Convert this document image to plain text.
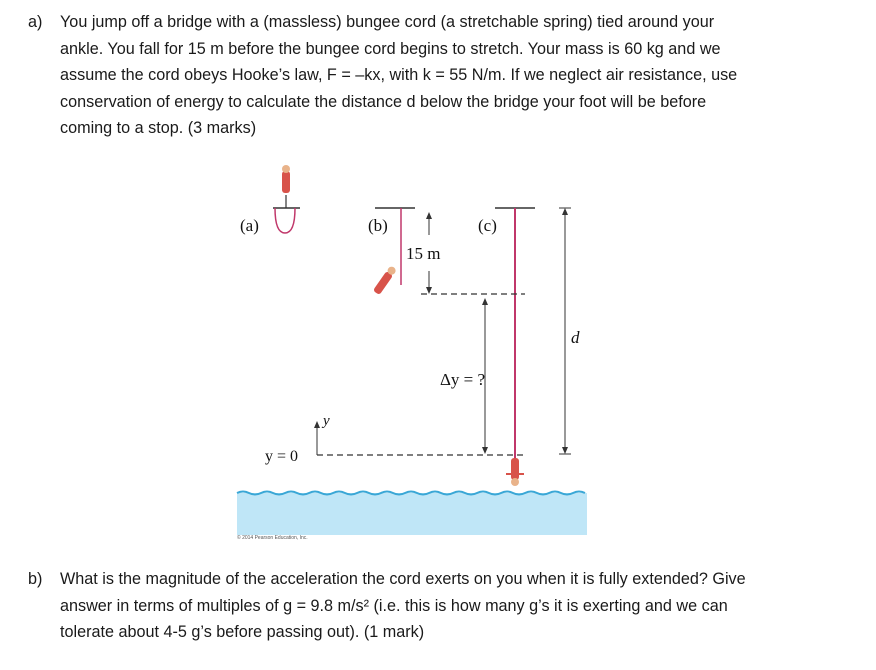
a) You jump off a bridge with a (massless) bungee cord (a stretchable spring) tied around your
ankle. You fall for 15 m before the bungee cord begins to stretch. Your mass is 60 kg and we
assume the cord obeys Hooke’s law, F = –kx, with k = 55 N/m. If we neglect air resistance, use
conservation of energy to calculate the distance d below the bridge your foot will be before
coming to a stop. (3 marks)
(a)	(b)	(c)
15 m
Δy = ?
d
y
y = 0
© 2014 Pearson Education, Inc.
b) What is the magnitude of the acceleration the cord exerts on you when it is fully extended? Give
answer in terms of multiples of g = 9.8 m/s² (i.e. this is how many g’s it is exerting and we can
tolerate about 4-5 g’s before passing out). (1 mark)
